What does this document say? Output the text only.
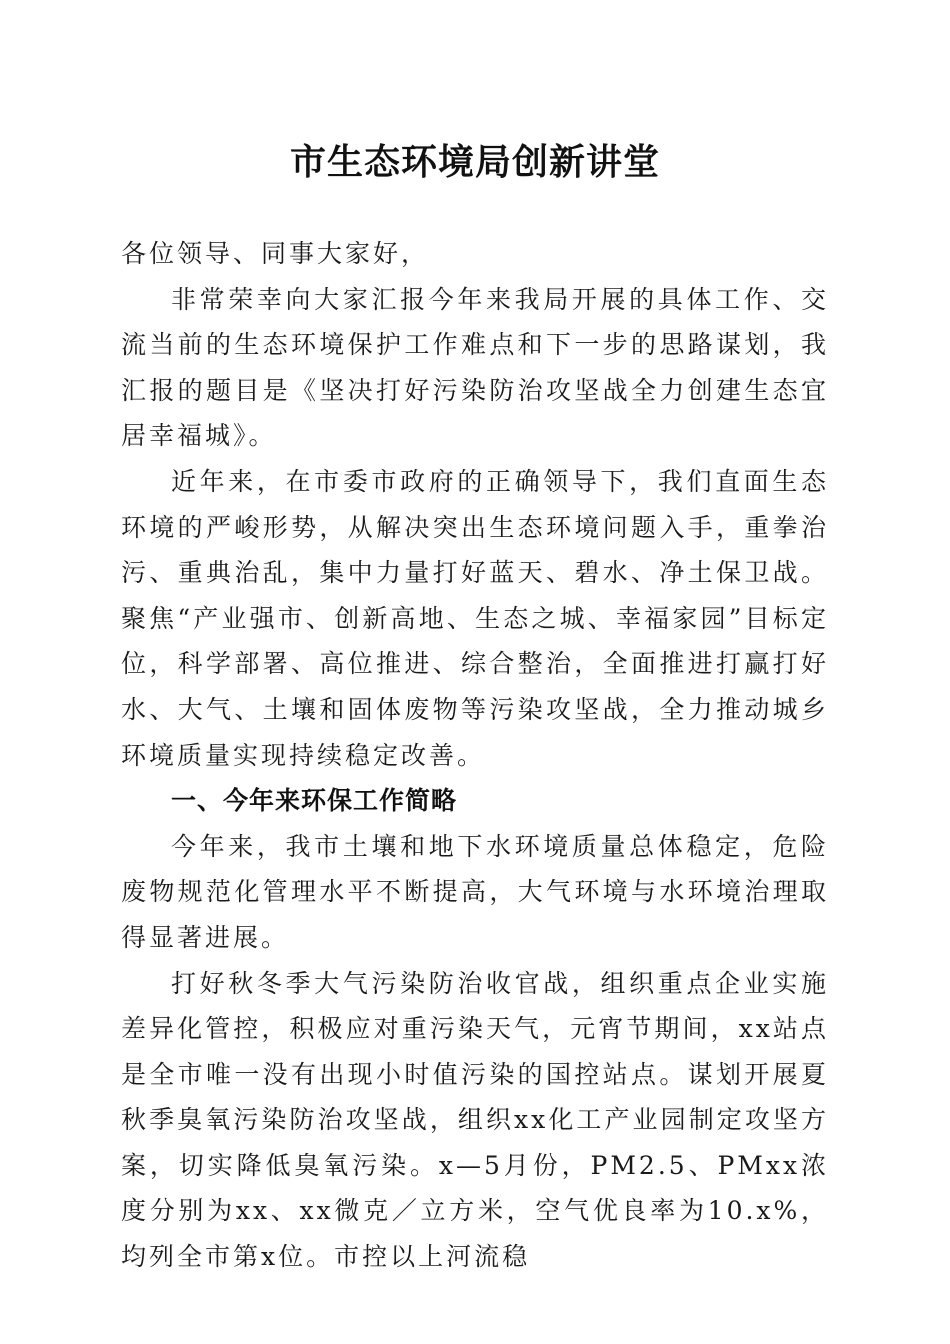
市生态环境局创新讲堂

各位领导、同事大家好，

非常荣幸向大家汇报今年来我局开展的具体工作、交流当前的生态环境保护工作难点和下一步的思路谋划，我汇报的题目是《坚决打好污染防治攻坚战全力创建生态宜居幸福城》。

近年来，在市委市政府的正确领导下，我们直面生态环境的严峻形势，从解决突出生态环境问题入手，重拳治污、重典治乱，集中力量打好蓝天、碧水、净土保卫战。聚焦“产业强市、创新高地、生态之城、幸福家园”目标定位，科学部署、高位推进、综合整治，全面推进打赢打好水、大气、土壤和固体废物等污染攻坚战，全力推动城乡环境质量实现持续稳定改善。

一、今年来环保工作简略

今年来，我市土壤和地下水环境质量总体稳定，危险废物规范化管理水平不断提高，大气环境与水环境治理取得显著进展。

打好秋冬季大气污染防治收官战，组织重点企业实施差异化管控，积极应对重污染天气，元宵节期间，xx站点是全市唯一没有出现小时值污染的国控站点。谋划开展夏秋季臭氧污染防治攻坚战，组织xx化工产业园制定攻坚方案，切实降低臭氧污染。x—5月份，PM2.5、PMxx浓度分别为xx、xx微克／立方米，空气优良率为10.x%，均列全市第x位。市控以上河流稳
